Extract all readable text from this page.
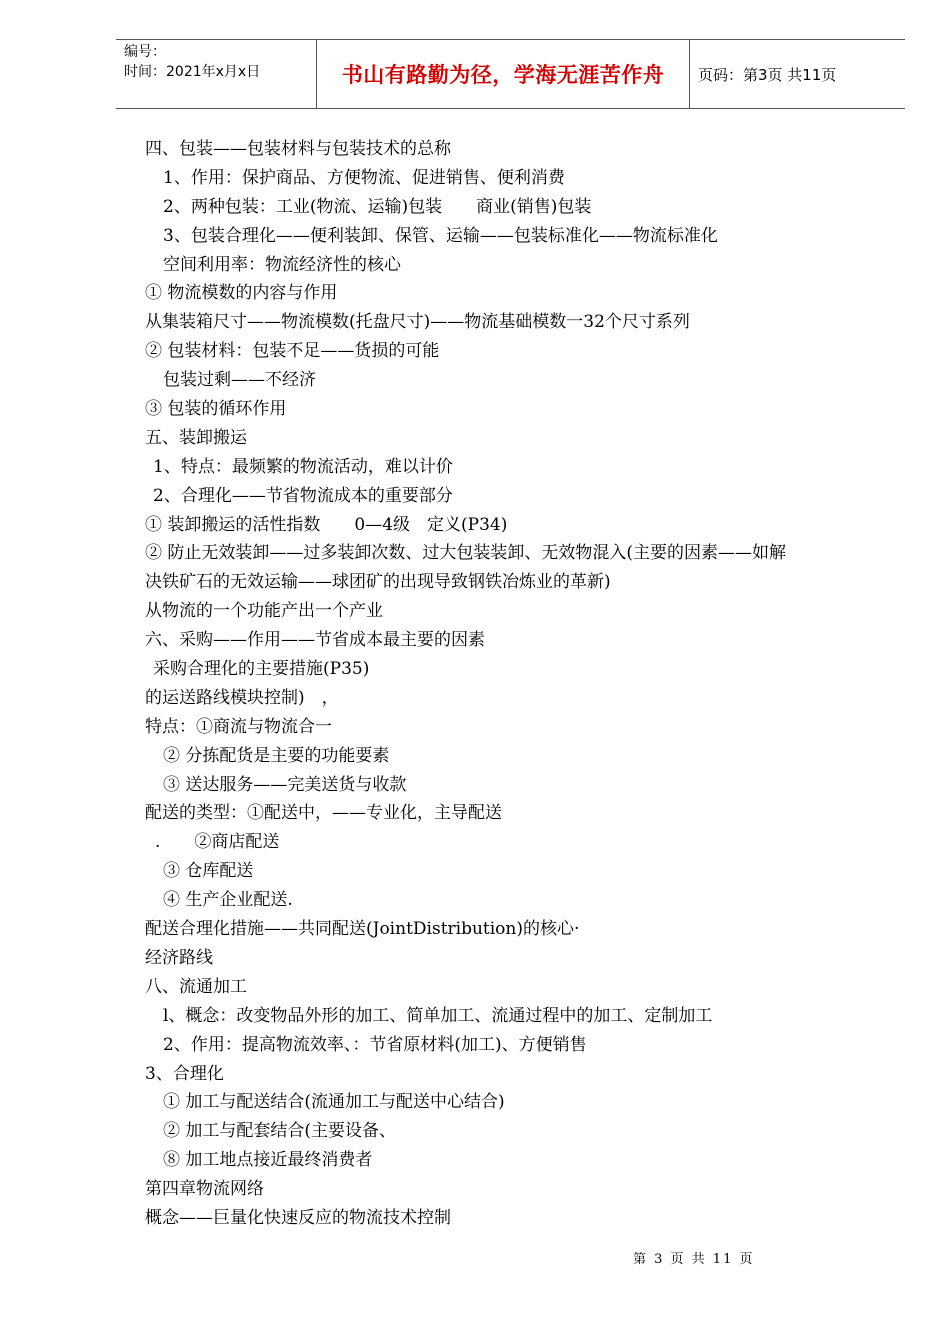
编号：
时间：2021年x月x日	书山有路勤为径，学海无涯苦作舟 页码：第3页 共11页
四、包装——包装材料与包装技术的总称
1、作用：保护商品、方便物流、促进销售、便利消费
2、两种包装：工业(物流、运输)包装　　商业(销售)包装
3、包装合理化——便利装卸、保管、运输——包装标准化——物流标准化
空间利用率：物流经济性的核心
① 物流模数的内容与作用
从集装箱尺寸——物流模数(托盘尺寸)——物流基础模数一32个尺寸系列
② 包装材料：包装不足——货损的可能
包装过剩——不经济
③ 包装的循环作用
五、装卸搬运
1、特点：最频繁的物流活动，难以计价
2、合理化——节省物流成本的重要部分
① 装卸搬运的活性指数　　0—4级　定义(P34)
② 防止无效装卸——过多装卸次数、过大包装装卸、无效物混入(主要的因素——如解
决铁矿石的无效运输——球团矿的出现导致钢铁冶炼业的革新)
从物流的一个功能产出一个产业
六、采购——作用——节省成本最主要的因素
采购合理化的主要措施(P35)
的运送路线模块控制)　，
特点：①商流与物流合一
② 分拣配货是主要的功能要素
③ 送达服务——完美送货与收款
配送的类型：①配送中，——专业化，主导配送
.　　②商店配送
③ 仓库配送
④ 生产企业配送.
配送合理化措施——共同配送(JointDistribution)的核心·
经济路线
八、流通加工
l、概念：改变物品外形的加工、简单加工、流通过程中的加工、定制加工
2、作用：提高物流效率、：节省原材料(加工)、方便销售
3、合理化
① 加工与配送结合(流通加工与配送中心结合)
② 加工与配套结合(主要设备、
⑧ 加工地点接近最终消费者
第四章物流网络
概念——巨量化快速反应的物流技术控制
第 3 页 共 11 页
